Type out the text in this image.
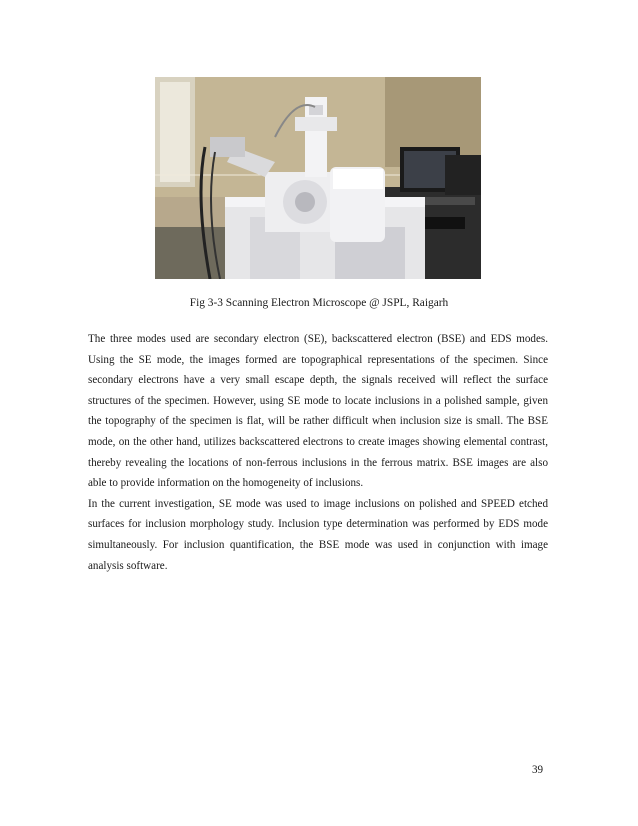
Fig 3-3 Scanning Electron Microscope @ JSPL, Raigarh

The three modes used are secondary electron (SE), backscattered electron (BSE) and EDS modes. Using the SE mode, the images formed are topographical representations of the specimen. Since secondary electrons have a very small escape depth, the signals received will reflect the surface structures of the specimen. However, using SE mode to locate inclusions in a polished sample, given the topography of the specimen is flat, will be rather difficult when inclusion size is small. The BSE mode, on the other hand, utilizes backscattered electrons to create images showing elemental contrast, thereby revealing the locations of non-ferrous inclusions in the ferrous matrix. BSE images are also able to provide information on the homogeneity of inclusions.

In the current investigation, SE mode was used to image inclusions on polished and SPEED etched surfaces for inclusion morphology study. Inclusion type determination was performed by EDS mode simultaneously. For inclusion quantification, the BSE mode was used in conjunction with image analysis software.

39
